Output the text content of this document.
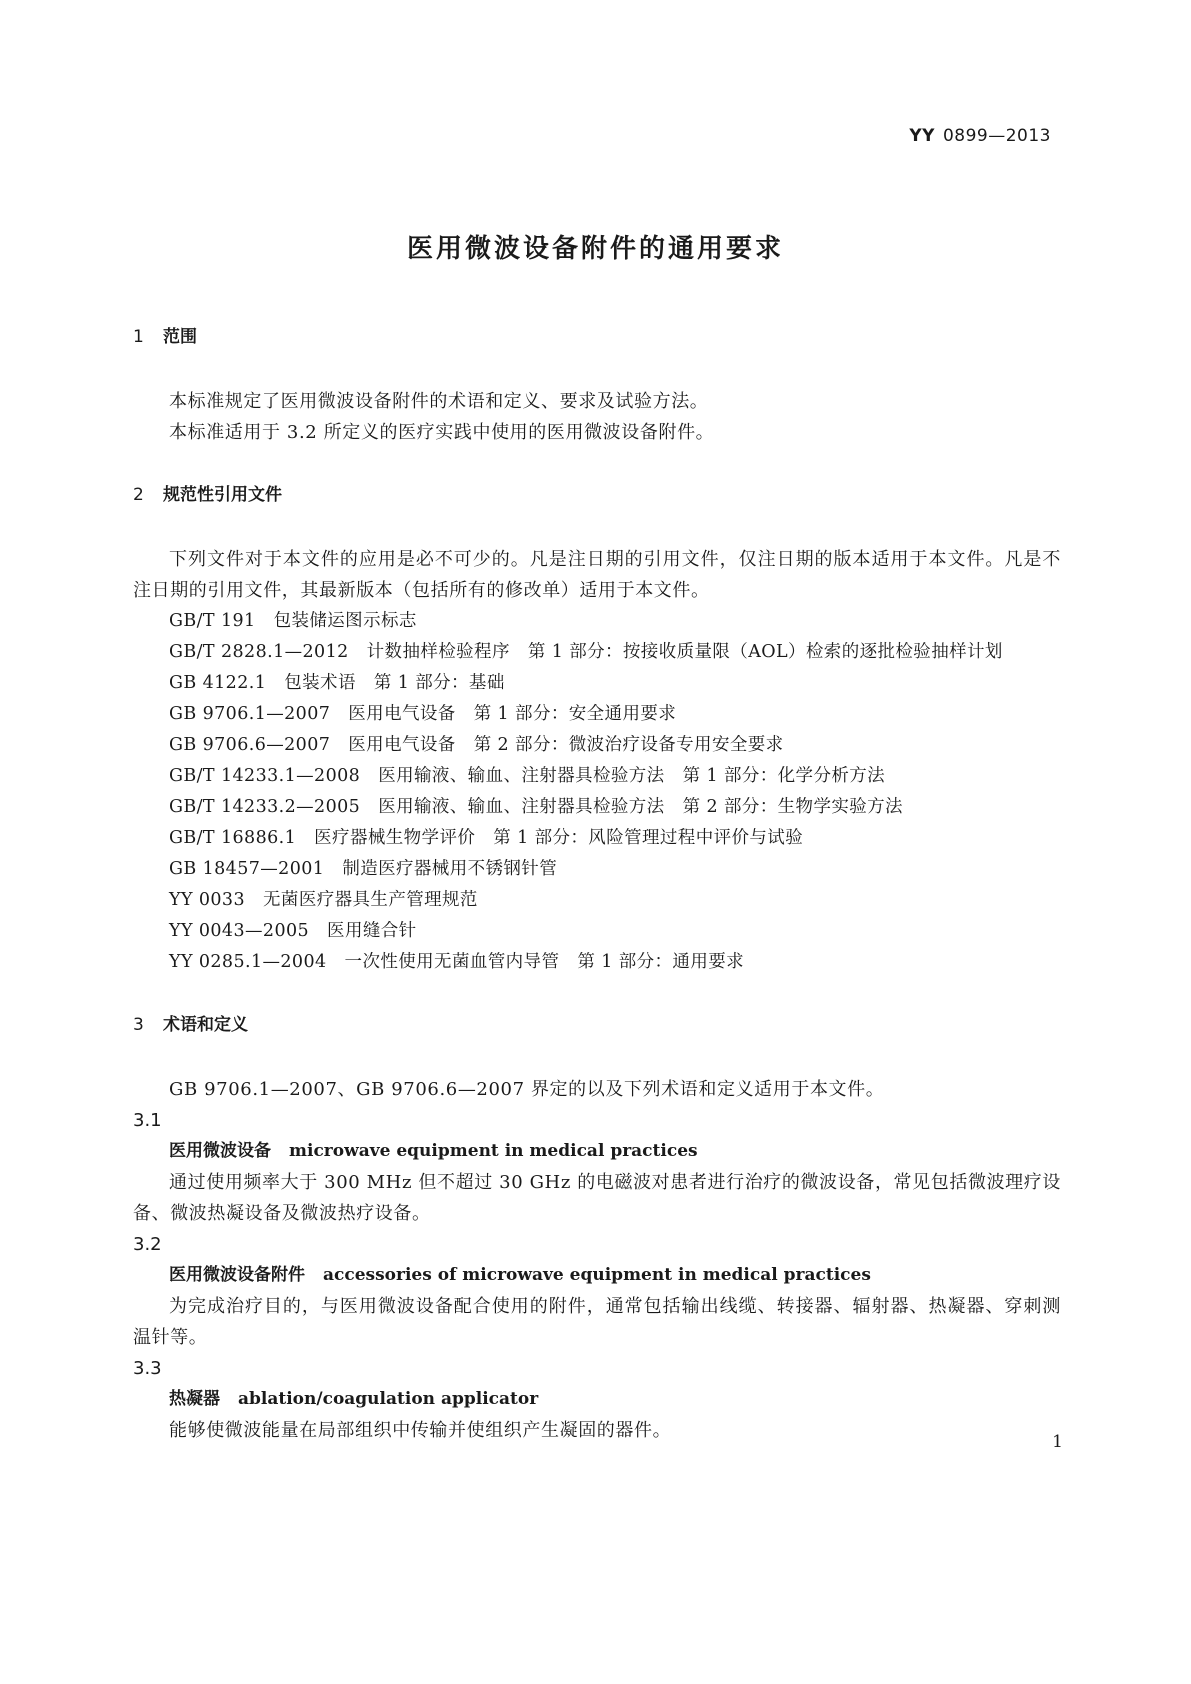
YY 0899—2013
医用微波设备附件的通用要求
1 范围
本标准规定了医用微波设备附件的术语和定义、要求及试验方法。
本标准适用于 3.2 所定义的医疗实践中使用的医用微波设备附件。
2 规范性引用文件
下列文件对于本文件的应用是必不可少的。凡是注日期的引用文件，仅注日期的版本适用于本文件。凡是不注日期的引用文件，其最新版本（包括所有的修改单）适用于本文件。
GB/T 191 包装储运图示标志
GB/T 2828.1—2012 计数抽样检验程序 第 1 部分：按接收质量限（AOL）检索的逐批检验抽样计划
GB 4122.1 包装术语 第 1 部分：基础
GB 9706.1—2007 医用电气设备 第 1 部分：安全通用要求
GB 9706.6—2007 医用电气设备 第 2 部分：微波治疗设备专用安全要求
GB/T 14233.1—2008 医用输液、输血、注射器具检验方法 第 1 部分：化学分析方法
GB/T 14233.2—2005 医用输液、输血、注射器具检验方法 第 2 部分：生物学实验方法
GB/T 16886.1 医疗器械生物学评价 第 1 部分：风险管理过程中评价与试验
GB 18457—2001 制造医疗器械用不锈钢针管
YY 0033 无菌医疗器具生产管理规范
YY 0043—2005 医用缝合针
YY 0285.1—2004 一次性使用无菌血管内导管 第 1 部分：通用要求
3 术语和定义
GB 9706.1—2007、GB 9706.6—2007 界定的以及下列术语和定义适用于本文件。
3.1
医用微波设备 microwave equipment in medical practices
通过使用频率大于 300 MHz 但不超过 30 GHz 的电磁波对患者进行治疗的微波设备，常见包括微波理疗设备、微波热凝设备及微波热疗设备。
3.2
医用微波设备附件 accessories of microwave equipment in medical practices
为完成治疗目的，与医用微波设备配合使用的附件，通常包括输出线缆、转接器、辐射器、热凝器、穿刺测温针等。
3.3
热凝器 ablation/coagulation applicator
能够使微波能量在局部组织中传输并使组织产生凝固的器件。
1
